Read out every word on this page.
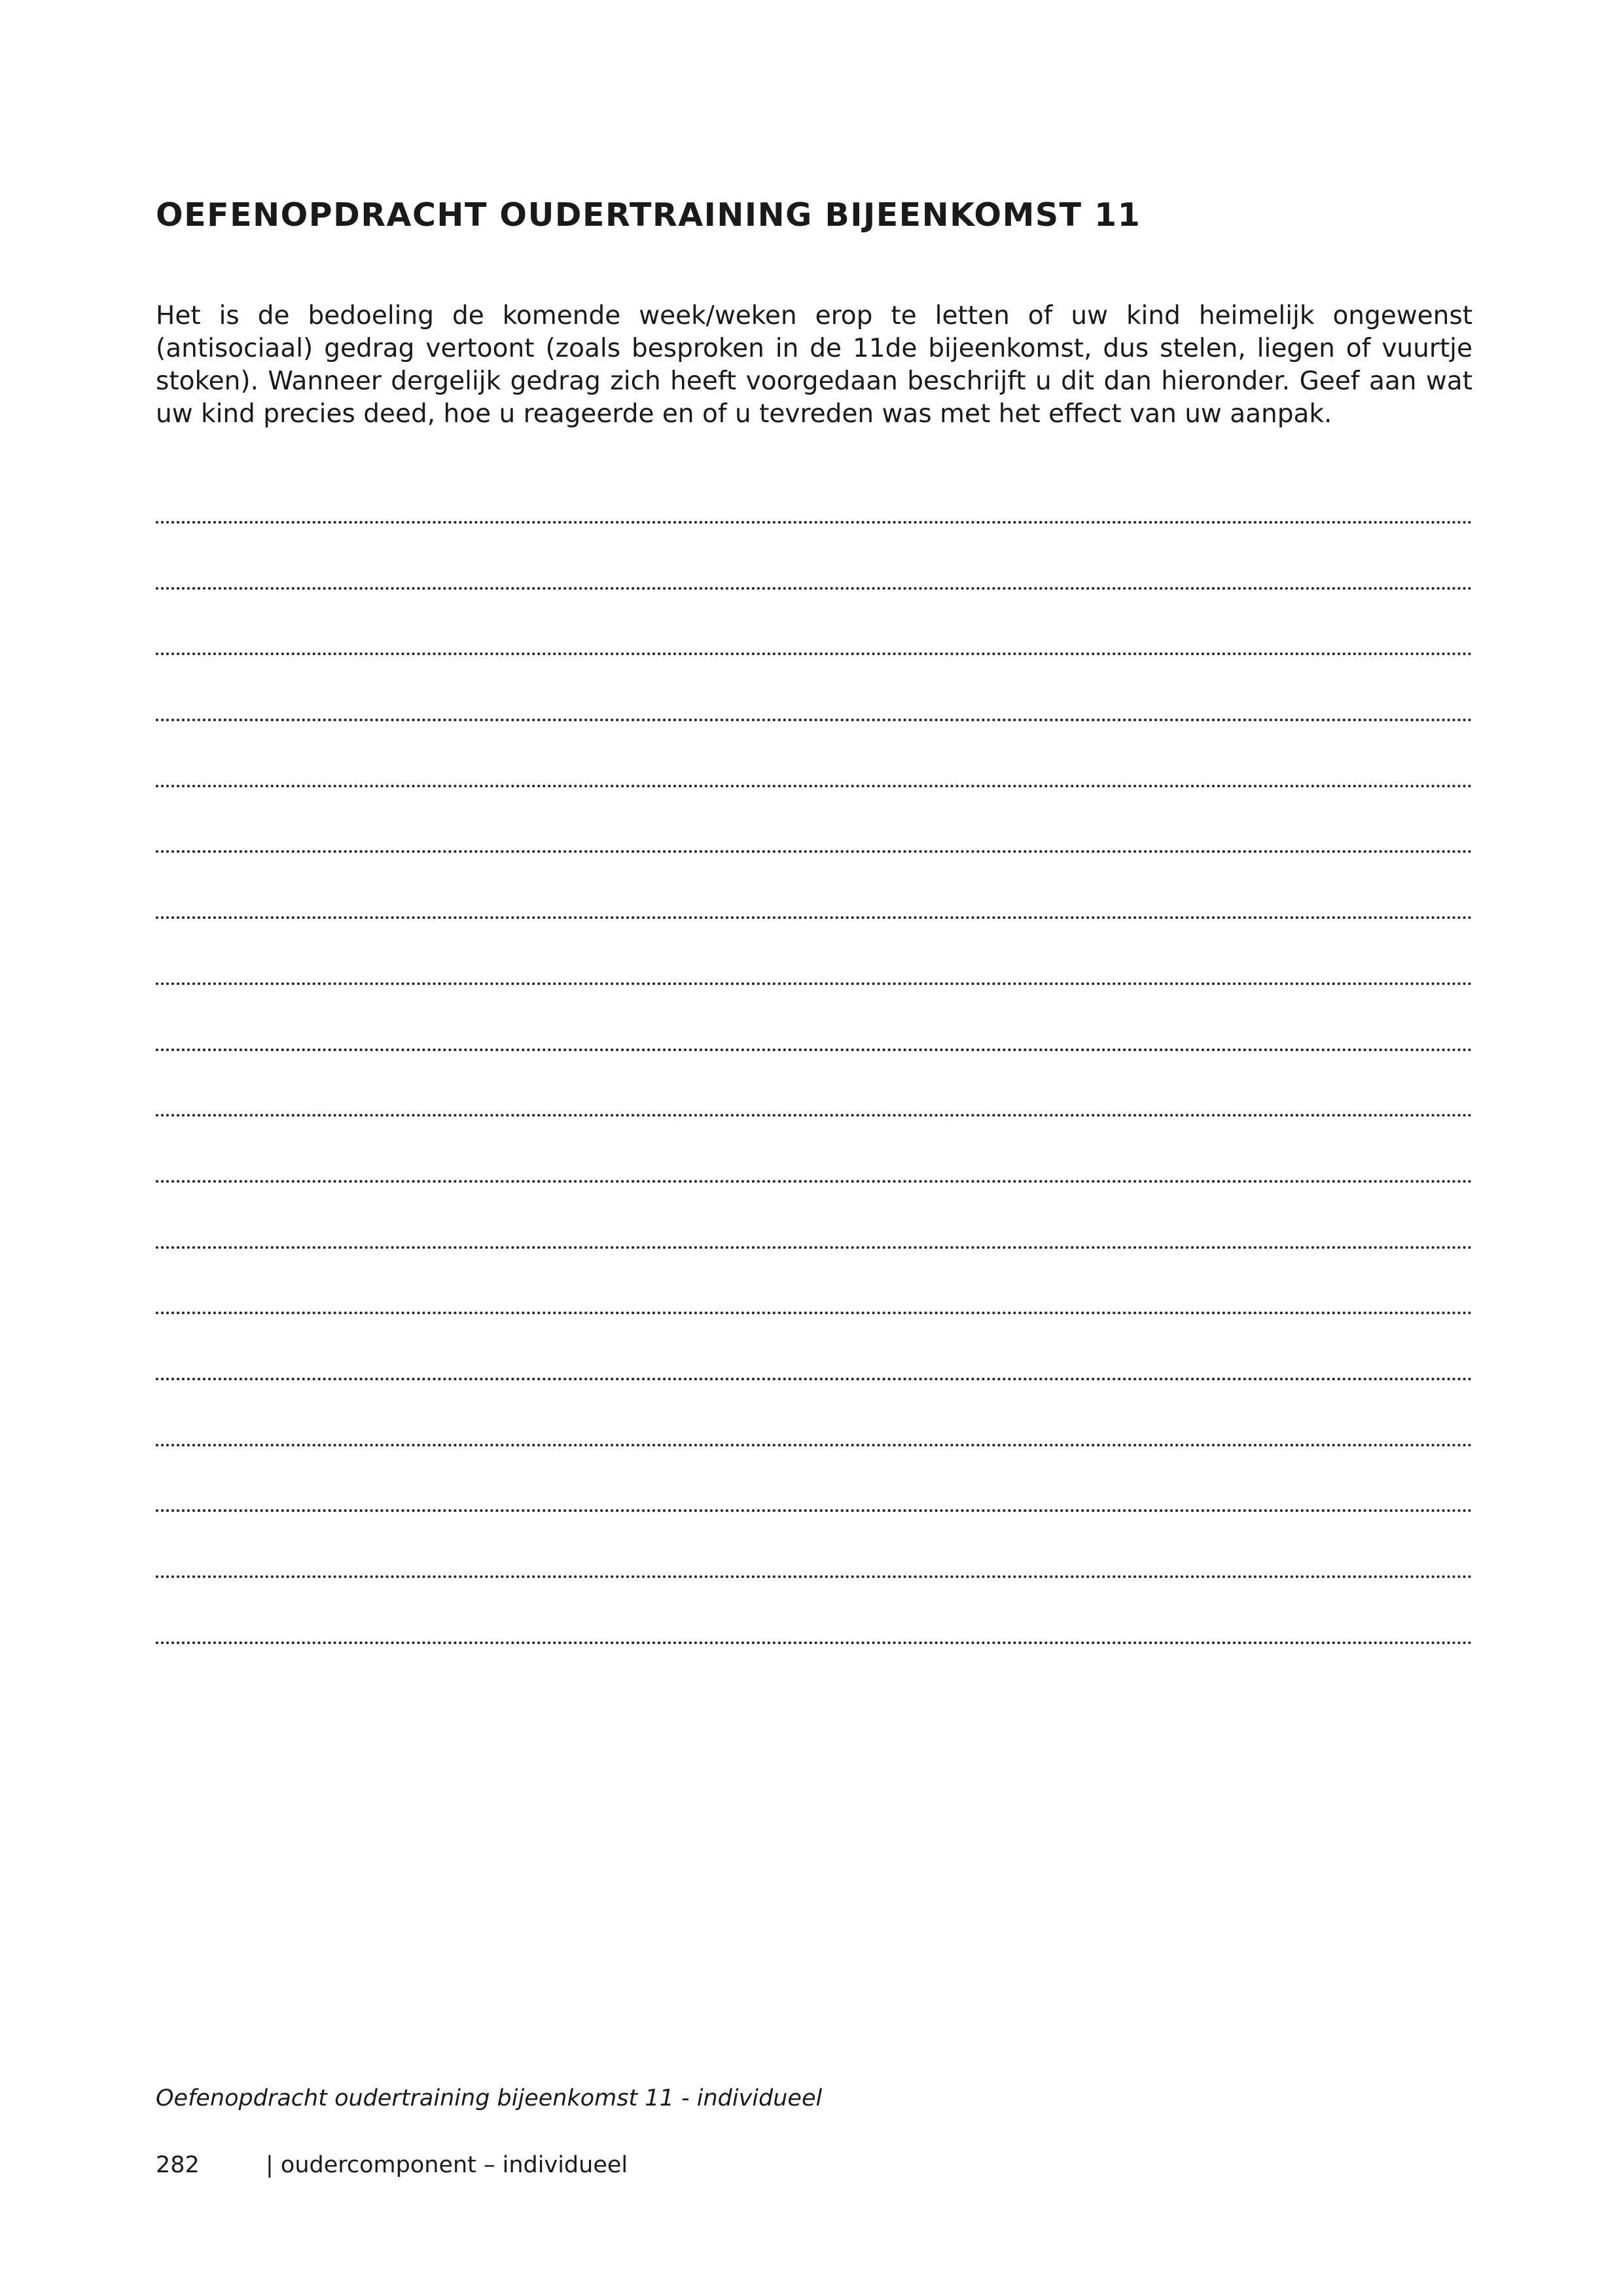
OEFENOPDRACHT OUDERTRAINING BIJEENKOMST 11

Het is de bedoeling de komende week/weken erop te letten of uw kind heimelijk ongewenst (antisociaal) gedrag vertoont (zoals besproken in de 11de bijeenkomst, dus stelen, liegen of vuurtje stoken). Wanneer dergelijk gedrag zich heeft voorgedaan beschrijft u dit dan hieronder. Geef aan wat uw kind precies deed, hoe u reageerde en of u tevreden was met het effect van uw aanpak.

Oefenopdracht oudertraining bijeenkomst 11 - individueel

282	| oudercomponent – individueel
